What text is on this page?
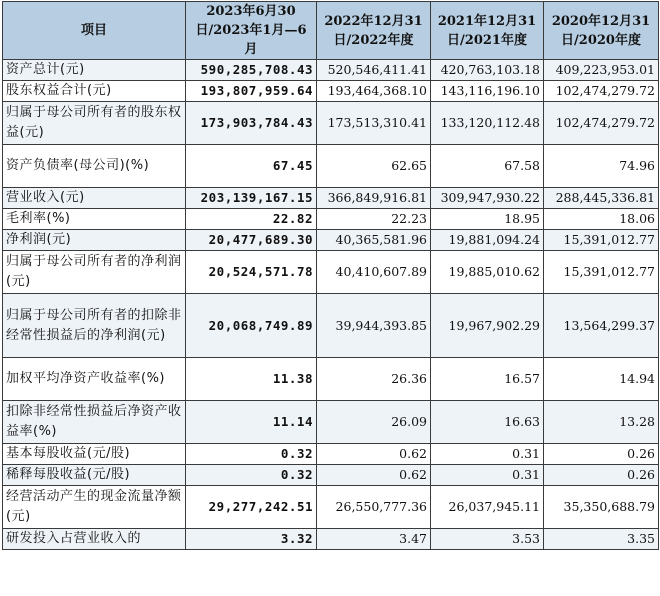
项目	2023年6月30日/2023年1月—6月	2022年12月31日/2022年度	2021年12月31日/2021年度	2020年12月31日/2020年度
资产总计(元)	590,285,708.43	520,546,411.41	420,763,103.18	409,223,953.01
股东权益合计(元)	193,807,959.64	193,464,368.10	143,116,196.10	102,474,279.72
归属于母公司所有者的股东权益(元)	173,903,784.43	173,513,310.41	133,120,112.48	102,474,279.72
资产负债率(母公司)(%)	67.45	62.65	67.58	74.96
营业收入(元)	203,139,167.15	366,849,916.81	309,947,930.22	288,445,336.81
毛利率(%)	22.82	22.23	18.95	18.06
净利润(元)	20,477,689.30	40,365,581.96	19,881,094.24	15,391,012.77
归属于母公司所有者的净利润(元)	20,524,571.78	40,410,607.89	19,885,010.62	15,391,012.77
归属于母公司所有者的扣除非经常性损益后的净利润(元)	20,068,749.89	39,944,393.85	19,967,902.29	13,564,299.37
加权平均净资产收益率(%)	11.38	26.36	16.57	14.94
扣除非经常性损益后净资产收益率(%)	11.14	26.09	16.63	13.28
基本每股收益(元/股)	0.32	0.62	0.31	0.26
稀释每股收益(元/股)	0.32	0.62	0.31	0.26
经营活动产生的现金流量净额(元)	29,277,242.51	26,550,777.36	26,037,945.11	35,350,688.79
研发投入占营业收入的	3.32	3.47	3.53	3.35
